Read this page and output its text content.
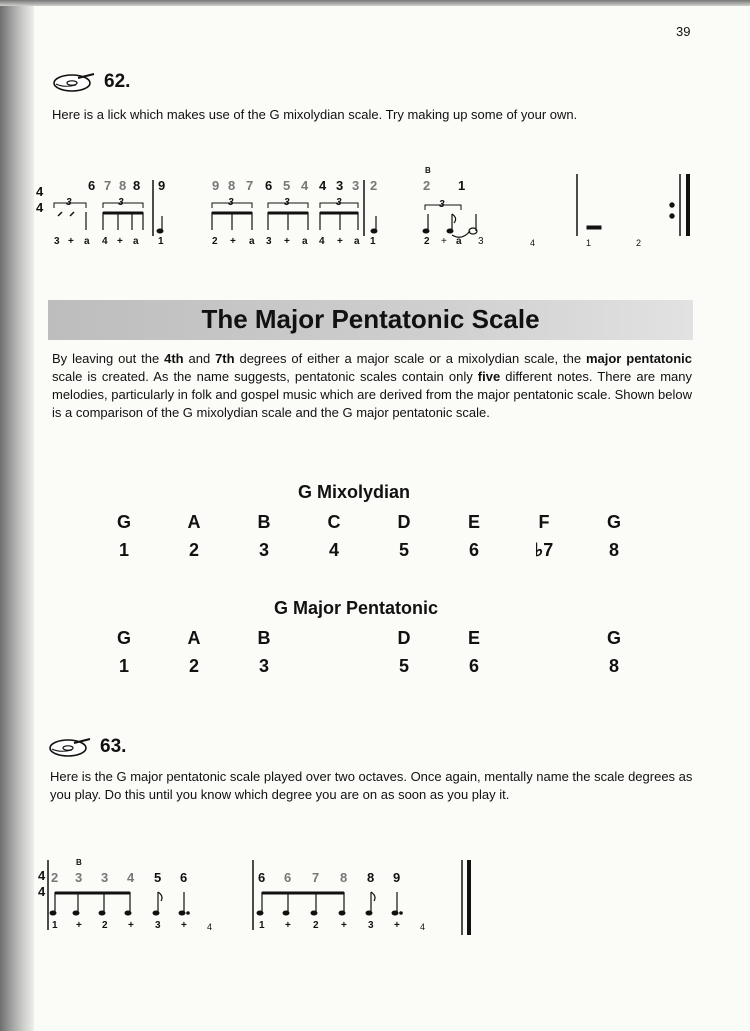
39
62.
Here is a lick which makes use of the G mixolydian scale. Try making up some of your own.
4
4 3	3	3	3	3	3
6 7 8 8 9	9 8 7 6 5 4 4 3 3 2
B
2 1
3 + a 4 + a 1	2 + a 3 + a 4 + a 1	2 + a 3	4	1	2
The Major Pentatonic Scale
By leaving out the 4th and 7th degrees of either a major scale or a mixolydian scale, the major pentatonic scale is created. As the name suggests, pentatonic scales contain only five different notes. There are many melodies, particularly in folk and gospel music which are derived from the major pentatonic scale. Shown below is a comparison of the G mixolydian scale and the G major pentatonic scale.
G Mixolydian
G	A	B	C	D	E	F	G
1	2	3	4	5	6	♭7	8
G Major Pentatonic
G	A	B	D	E	G
1	2	3	5	6	8
63.
Here is the G major pentatonic scale played over two octaves. Once again, mentally name the scale degrees as you play. Do this until you know which degree you are on as soon as you play it.
4
4
B
2 3 3 4 5 6	6 6 7 8 8 9
1 + 2 + 3 + 4	1 + 2 + 3 + 4
